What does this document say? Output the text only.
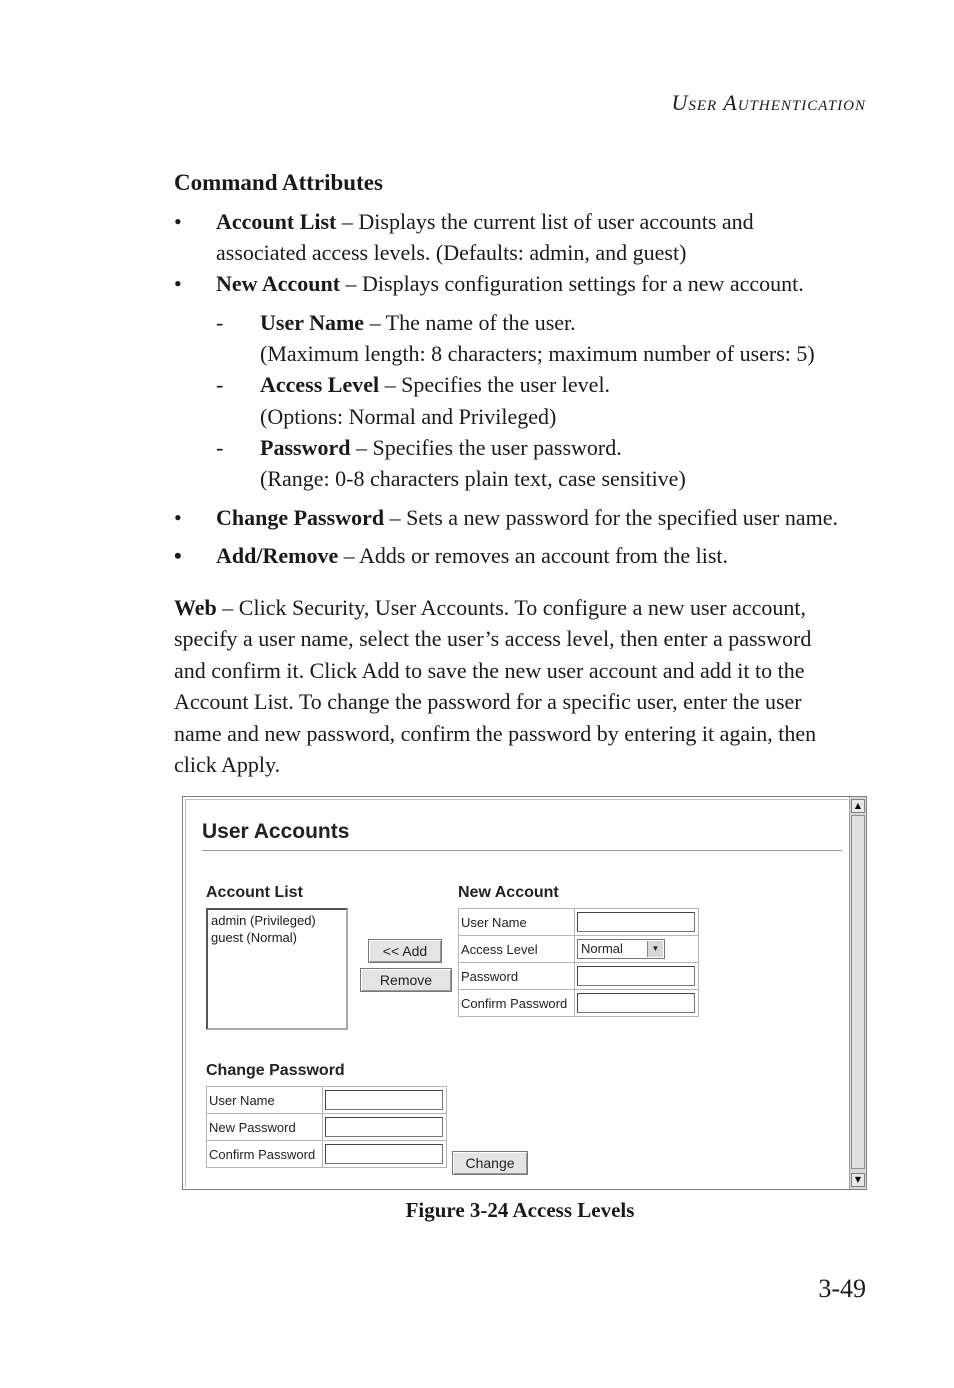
User Authentication
Command Attributes
• Account List – Displays the current list of user accounts and
associated access levels. (Defaults: admin, and guest)
• New Account – Displays configuration settings for a new account.
- User Name – The name of the user.
(Maximum length: 8 characters; maximum number of users: 5)
- Access Level – Specifies the user level.
(Options: Normal and Privileged)
- Password – Specifies the user password.
(Range: 0-8 characters plain text, case sensitive)
• Change Password – Sets a new password for the specified user name.
• Add/Remove – Adds or removes an account from the list.
Web – Click Security, User Accounts. To configure a new user account,
specify a user name, select the user’s access level, then enter a password
and confirm it. Click Add to save the new user account and add it to the
Account List. To change the password for a specific user, enter the user
name and new password, confirm the password by entering it again, then
click Apply.
User Accounts
Account List
admin (Privileged)
guest (Normal)
<< Add
Remove
New Account
User Name	

Access Level	Normal ▼

Password	

Confirm Password	
Change Password
User Name	

New Password	

Confirm Password	
Change
▲
▼
Figure 3-24 Access Levels
3-49
